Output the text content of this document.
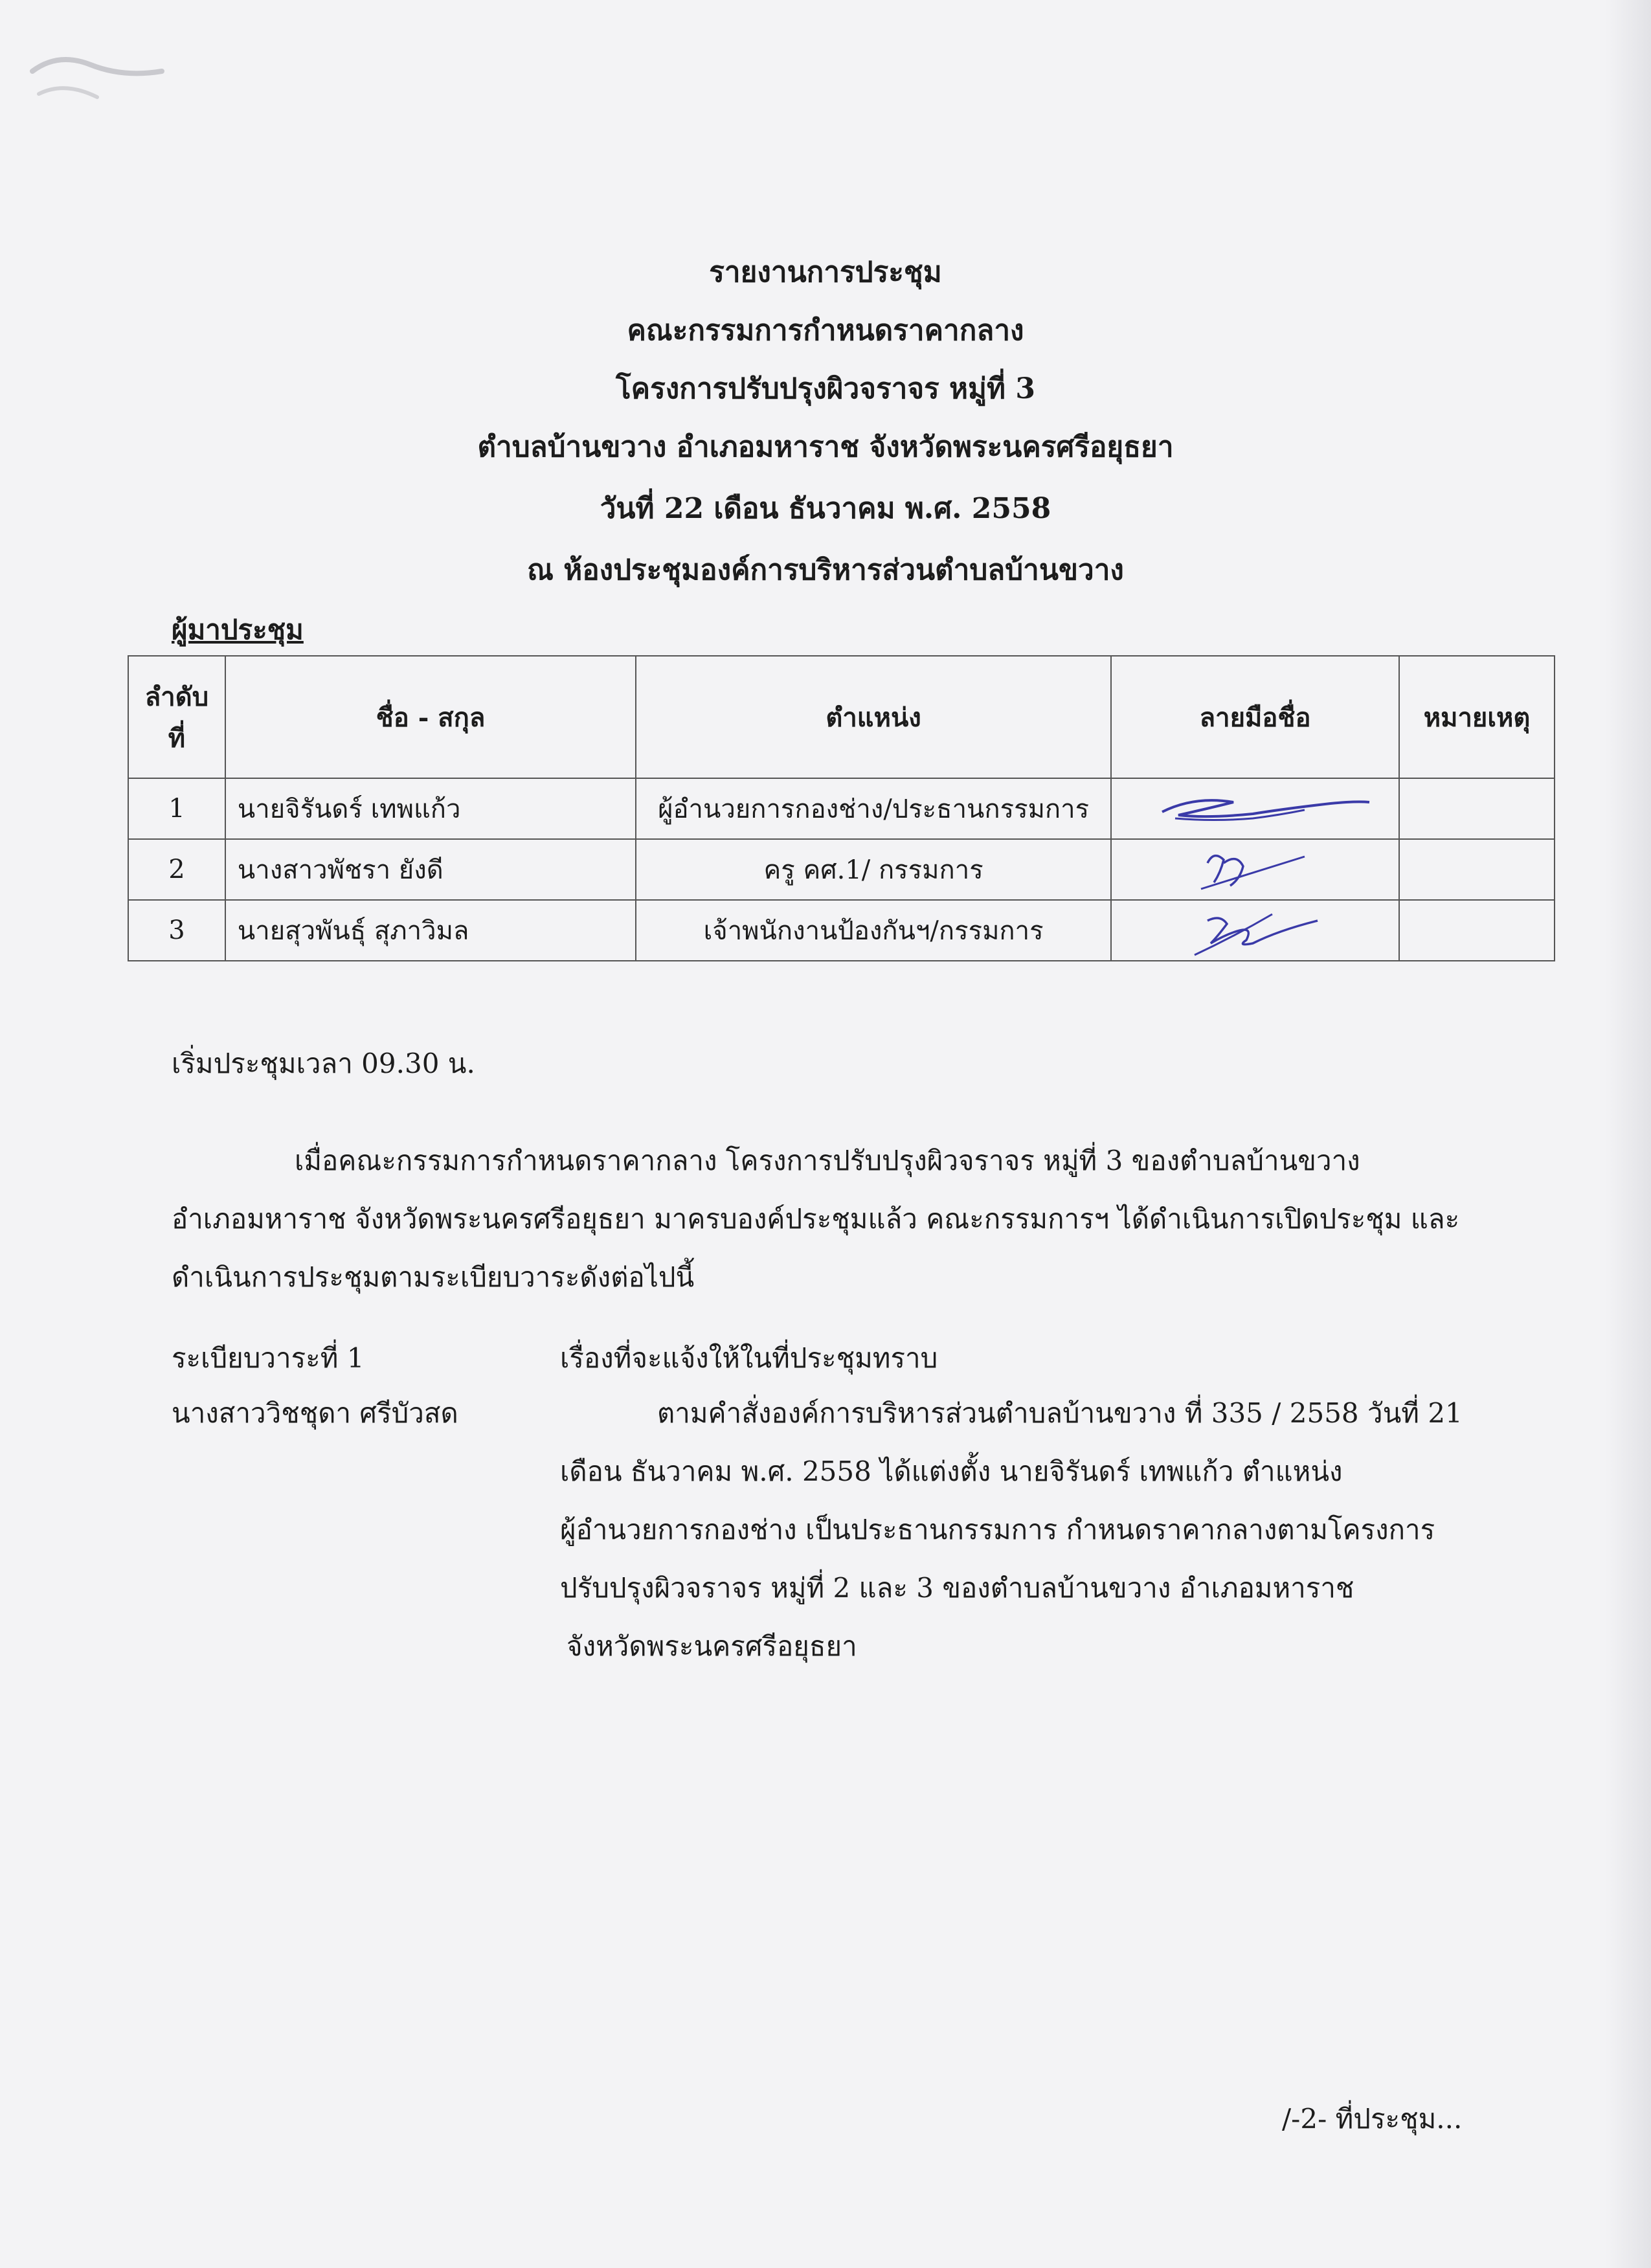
รายงานการประชุม
คณะกรรมการกำหนดราคากลาง
โครงการปรับปรุงผิวจราจร หมู่ที่ 3
ตำบลบ้านขวาง อำเภอมหาราช จังหวัดพระนครศรีอยุธยา
วันที่ 22 เดือน ธันวาคม พ.ศ. 2558
ณ ห้องประชุมองค์การบริหารส่วนตำบลบ้านขวาง
ผู้มาประชุม
ลำดับ
ที่	ชื่อ - สกุล	ตำแหน่ง	ลายมือชื่อ	หมายเหตุ
1	นายจิรันดร์ เทพแก้ว	ผู้อำนวยการกองช่าง/ประธานกรรมการ	

2	นางสาวพัชรา ยังดี	ครู คศ.1/ กรรมการ	

3	นายสุวพันธุ์ สุภาวิมล	เจ้าพนักงานป้องกันฯ/กรรมการ	

เริ่มประชุมเวลา 09.30 น.
เมื่อคณะกรรมการกำหนดราคากลาง โครงการปรับปรุงผิวจราจร หมู่ที่ 3 ของตำบลบ้านขวาง
อำเภอมหาราช จังหวัดพระนครศรีอยุธยา มาครบองค์ประชุมแล้ว คณะกรรมการฯ ได้ดำเนินการเปิดประชุม และ
ดำเนินการประชุมตามระเบียบวาระดังต่อไปนี้
ระเบียบวาระที่ 1	เรื่องที่จะแจ้งให้ในที่ประชุมทราบ
นางสาววิชชุดา ศรีบัวสด	ตามคำสั่งองค์การบริหารส่วนตำบลบ้านขวาง ที่ 335 / 2558 วันที่ 21
เดือน ธันวาคม พ.ศ. 2558 ได้แต่งตั้ง นายจิรันดร์ เทพแก้ว ตำแหน่ง
ผู้อำนวยการกองช่าง เป็นประธานกรรมการ กำหนดราคากลางตามโครงการ
ปรับปรุงผิวจราจร หมู่ที่ 2 และ 3 ของตำบลบ้านขวาง อำเภอมหาราช
จังหวัดพระนครศรีอยุธยา
/-2- ที่ประชุม...
